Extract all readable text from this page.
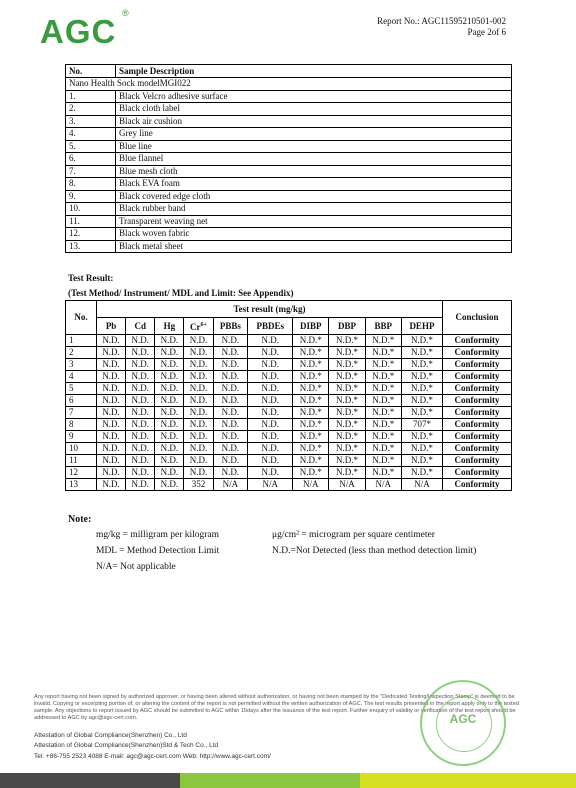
AGC ®
Report No.: AGC11595210501-002
Page 2of 6
No.	Sample Description
Nano Health Sock modelMGI022	
1.	Black Velcro adhesive surface
2.	Black cloth label
3.	Black air cushion
4.	Grey line
5.	Blue line
6.	Blue flannel
7.	Blue mesh cloth
8.	Black EVA foam
9.	Black covered edge cloth
10.	Black rubber band
11.	Transparent weaving net
12.	Black woven fabric
13.	Black metal sheet
Test Result:
(Test Method/ Instrument/ MDL and Limit: See Appendix)
No.	Test result (mg/kg)										Conclusion
	Pb	Cd	Hg	$Cr^{6+}$	PBBs	PBDEs	DIBP	DBP	BBP	DEHP	
1	N.D.	N.D.	N.D.	N.D.	N.D.	N.D.	N.D.*	N.D.*	N.D.*	N.D.*	Conformity
2	N.D.	N.D.	N.D.	N.D.	N.D.	N.D.	N.D.*	N.D.*	N.D.*	N.D.*	Conformity
3	N.D.	N.D.	N.D.	N.D.	N.D.	N.D.	N.D.*	N.D.*	N.D.*	N.D.*	Conformity
4	N.D.	N.D.	N.D.	N.D.	N.D.	N.D.	N.D.*	N.D.*	N.D.*	N.D.*	Conformity
5	N.D.	N.D.	N.D.	N.D.	N.D.	N.D.	N.D.*	N.D.*	N.D.*	N.D.*	Conformity
6	N.D.	N.D.	N.D.	N.D.	N.D.	N.D.	N.D.*	N.D.*	N.D.*	N.D.*	Conformity
7	N.D.	N.D.	N.D.	N.D.	N.D.	N.D.	N.D.*	N.D.*	N.D.*	N.D.*	Conformity
8	N.D.	N.D.	N.D.	N.D.	N.D.	N.D.	N.D.*	N.D.*	N.D.*	707*	Conformity
9	N.D.	N.D.	N.D.	N.D.	N.D.	N.D.	N.D.*	N.D.*	N.D.*	N.D.*	Conformity
10	N.D.	N.D.	N.D.	N.D.	N.D.	N.D.	N.D.*	N.D.*	N.D.*	N.D.*	Conformity
11	N.D.	N.D.	N.D.	N.D.	N.D.	N.D.	N.D.*	N.D.*	N.D.*	N.D.*	Conformity
12	N.D.	N.D.	N.D.	N.D.	N.D.	N.D.	N.D.*	N.D.*	N.D.*	N.D.*	Conformity
13	N.D.	N.D.	N.D.	352	N/A	N/A	N/A	N/A	N/A	N/A	Conformity
Note:
mg/kg = milligram per kilogram	μg/cm² = microgram per square centimeter
MDL = Method Detection Limit	N.D.=Not Detected (less than method detection limit)
N/A= Not applicable
Any report having not been signed by authorized approver, or having been altered without authorization, or having not been stamped by the "Dedicated Testing/Inspection Stamp" is deemed to be invalid. Copying or excerpting portion of, or altering the content of the report is not permitted without the written authorization of AGC. The test results presented in the report apply only to the tested sample. Any objections to report issued by AGC should be submitted to AGC within 15days after the issuance of the test report. Further enquiry of validity or verification of the test report should be addressed to AGC by agc@agc-cert.com.
Attestation of Global Compliance(Shenzhen) Co., Ltd
Attestation of Global Compliance(Shenzhen)Std & Tech Co., Ltd
Tel: +86-755 2523 4088 E-mail: agc@agc-cert.com Web: http://www.agc-cert.com/
AGC
